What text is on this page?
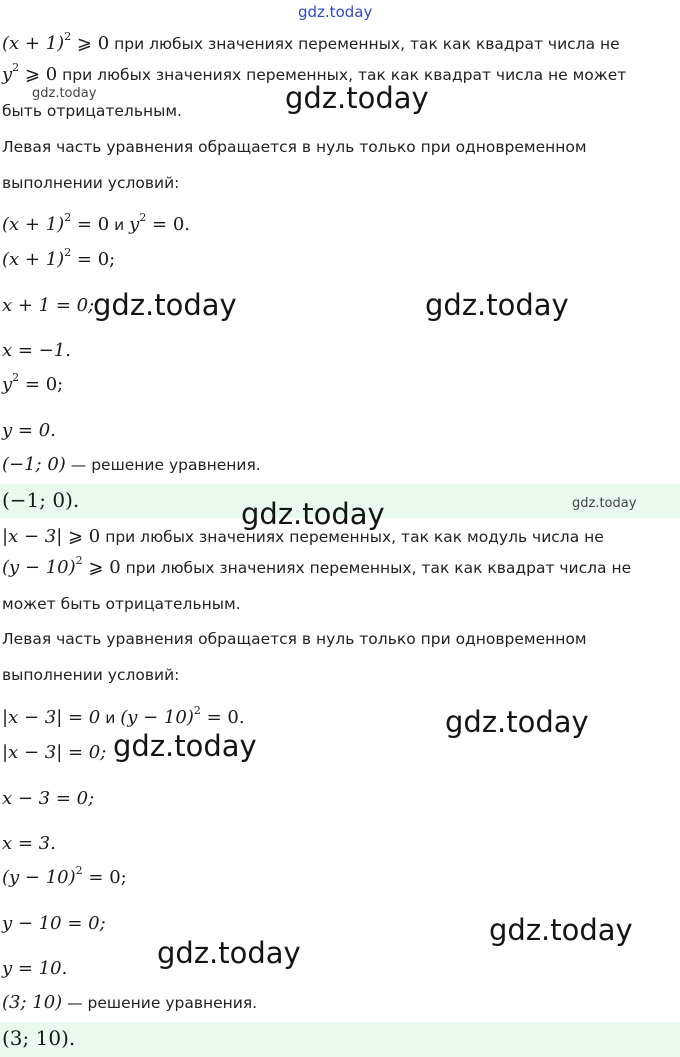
$(x + 1)^2$ ⩾ 0 при любых значениях переменных, так как квадрат числа не
$y^2$ ⩾ 0 при любых значениях переменных, так как квадрат числа не может
быть отрицательным.
Левая часть уравнения обращается в нуль только при одновременном
выполнении условий:
$(x + 1)^2 = 0$ и $y^2 = 0$.
$(x + 1)^2 = 0$;
x + 1 = 0;
x = −1.
$y^2 = 0$;
y = 0.
(−1; 0) — решение уравнения.
(−1; 0).
|x − 3| ⩾ 0 при любых значениях переменных, так как модуль числа не
$(y - 10)^2$ ⩾ 0 при любых значениях переменных, так как квадрат числа не
может быть отрицательным.
Левая часть уравнения обращается в нуль только при одновременном
выполнении условий:
|x − 3| = 0 и $(y - 10)^2 = 0$.
|x − 3| = 0;
x − 3 = 0;
x = 3.
$(y - 10)^2 = 0$;
y − 10 = 0;
y = 10.
(3; 10) — решение уравнения.
(3; 10).
gdz.today
gdz.today	gdz.today
gdz.today	gdz.today
gdz.today
gdz.today
gdz.today
gdz.today
gdz.today
gdz.today
